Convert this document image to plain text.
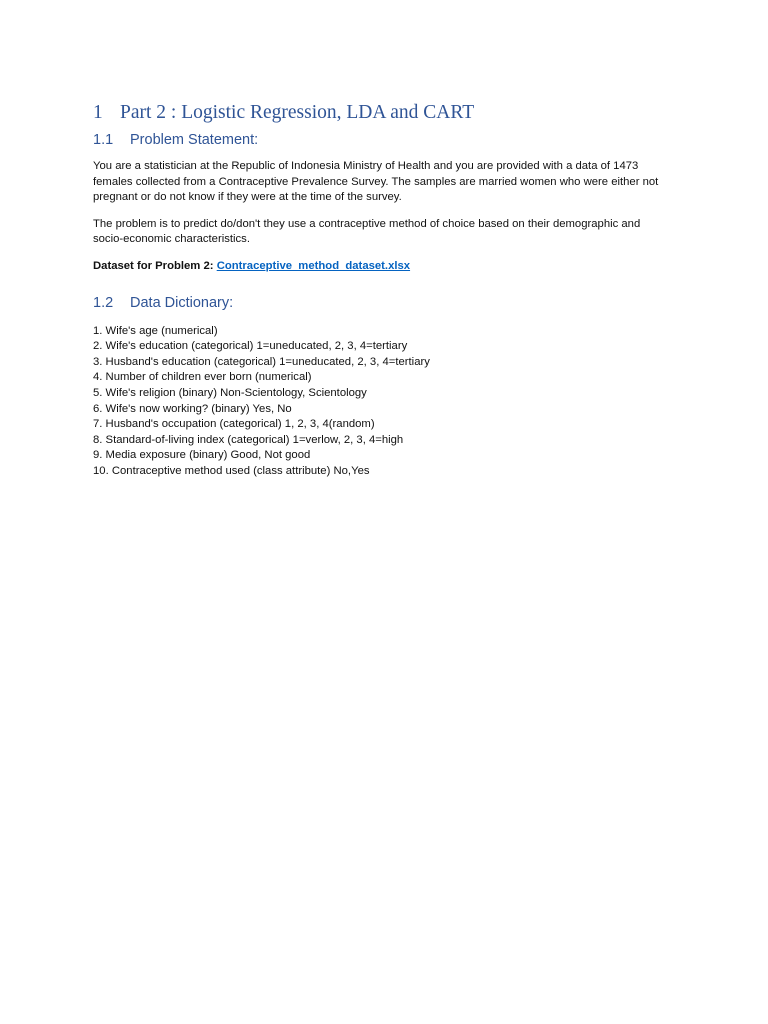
1 Part 2 : Logistic Regression, LDA and CART
1.1 Problem Statement:

You are a statistician at the Republic of Indonesia Ministry of Health and you are provided with a data of 1473 females collected from a Contraceptive Prevalence Survey. The samples are married women who were either not pregnant or do not know if they were at the time of the survey.

The problem is to predict do/don't they use a contraceptive method of choice based on their demographic and socio-economic characteristics.

Dataset for Problem 2: Contraceptive_method_dataset.xlsx

1.2 Data Dictionary:
1. Wife's age (numerical)
2. Wife's education (categorical) 1=uneducated, 2, 3, 4=tertiary
3. Husband's education (categorical) 1=uneducated, 2, 3, 4=tertiary
4. Number of children ever born (numerical)
5. Wife's religion (binary) Non-Scientology, Scientology
6. Wife's now working? (binary) Yes, No
7. Husband's occupation (categorical) 1, 2, 3, 4(random)
8. Standard-of-living index (categorical) 1=verlow, 2, 3, 4=high
9. Media exposure (binary) Good, Not good
10. Contraceptive method used (class attribute) No,Yes
